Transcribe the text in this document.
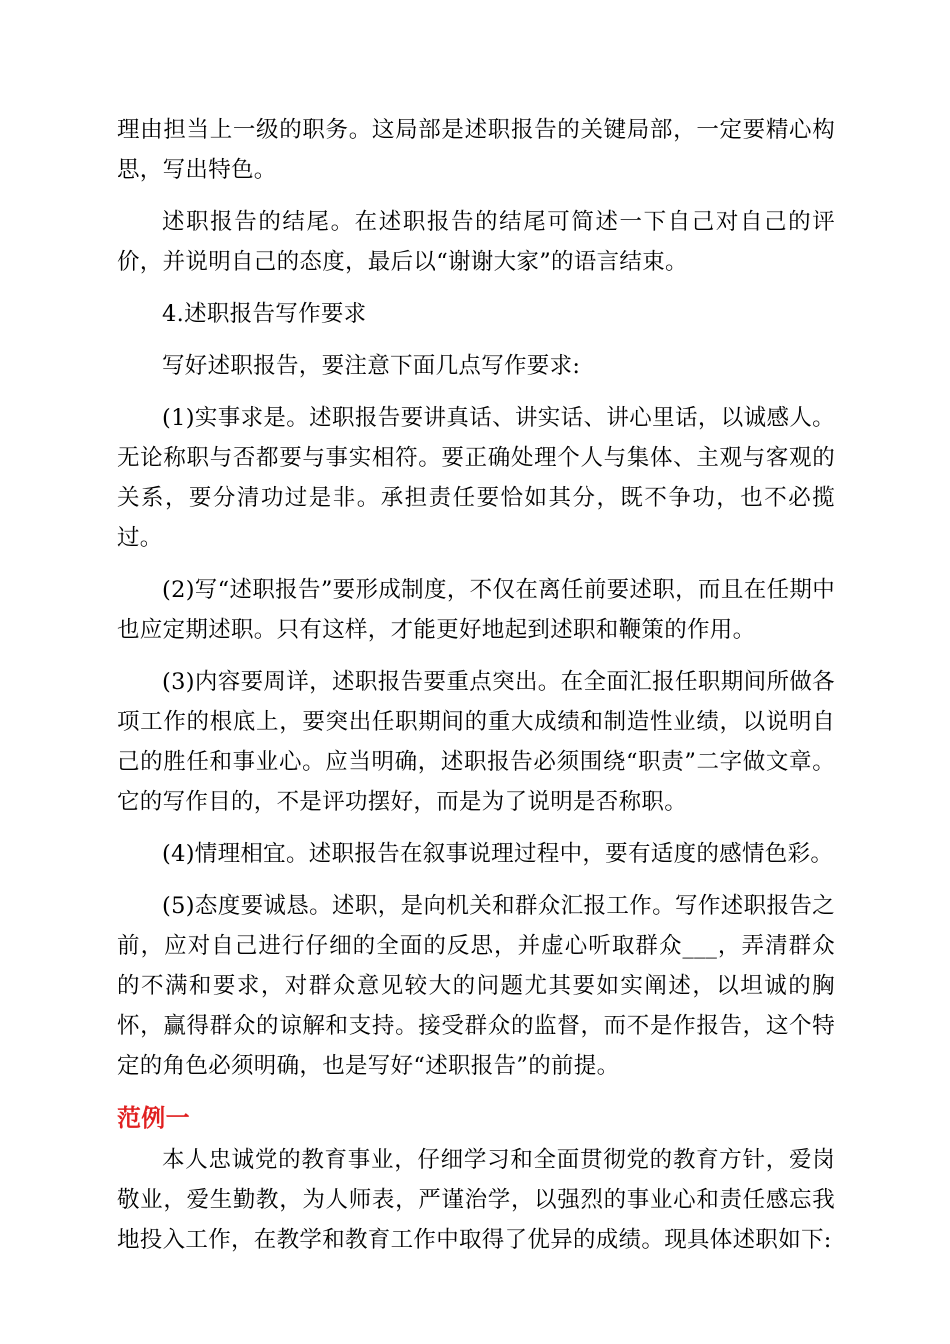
理由担当上一级的职务。这局部是述职报告的关键局部，一定要精心构思，写出特色。

述职报告的结尾。在述职报告的结尾可简述一下自己对自己的评价，并说明自己的态度，最后以“谢谢大家”的语言结束。

4.述职报告写作要求

写好述职报告，要注意下面几点写作要求:

(1)实事求是。述职报告要讲真话、讲实话、讲心里话，以诚感人。无论称职与否都要与事实相符。要正确处理个人与集体、主观与客观的关系，要分清功过是非。承担责任要恰如其分，既不争功，也不必揽过。

(2)写“述职报告”要形成制度，不仅在离任前要述职，而且在任期中也应定期述职。只有这样，才能更好地起到述职和鞭策的作用。

(3)内容要周详，述职报告要重点突出。在全面汇报任职期间所做各项工作的根底上，要突出任职期间的重大成绩和制造性业绩，以说明自己的胜任和事业心。应当明确，述职报告必须围绕“职责”二字做文章。它的写作目的，不是评功摆好，而是为了说明是否称职。

(4)情理相宜。述职报告在叙事说理过程中，要有适度的感情色彩。

(5)态度要诚恳。述职，是向机关和群众汇报工作。写作述职报告之前，应对自己进行仔细的全面的反思，并虚心听取群众___，弄清群众的不满和要求，对群众意见较大的问题尤其要如实阐述，以坦诚的胸怀，赢得群众的谅解和支持。接受群众的监督，而不是作报告，这个特定的角色必须明确，也是写好“述职报告”的前提。

范例一

本人忠诚党的教育事业，仔细学习和全面贯彻党的教育方针，爱岗敬业，爱生勤教，为人师表，严谨治学，以强烈的事业心和责任感忘我地投入工作，在教学和教育工作中取得了优异的成绩。现具体述职如下:
